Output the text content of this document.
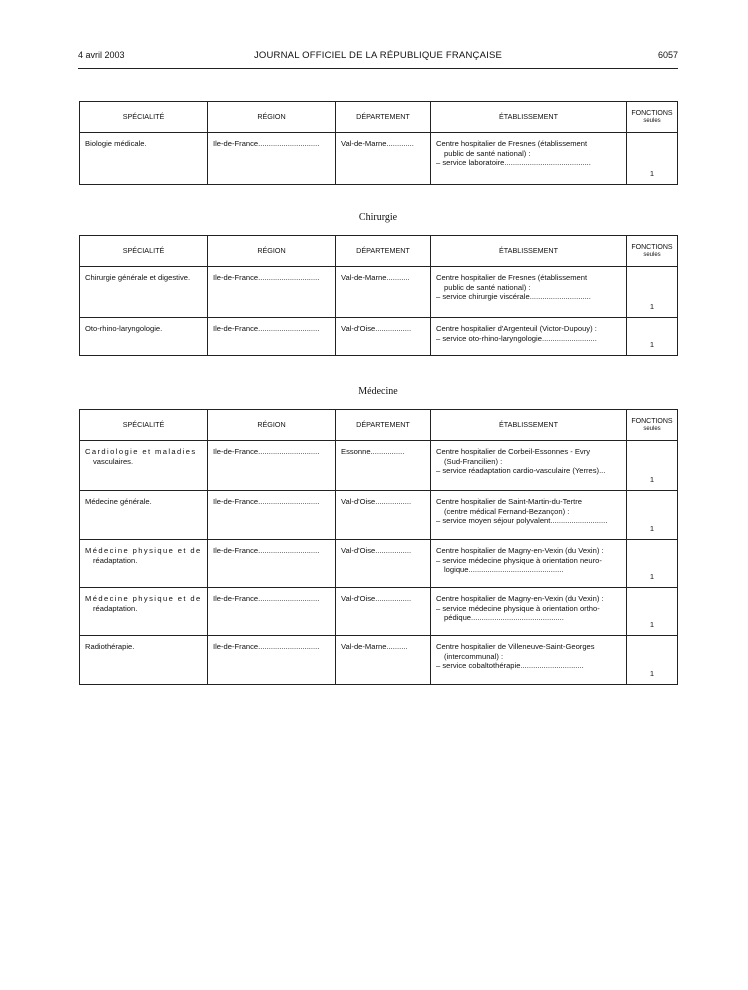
4 avril 2003	JOURNAL OFFICIEL DE LA RÉPUBLIQUE FRANÇAISE	6057
SPÉCIALITÉ	RÉGION	DÉPARTEMENT	ÉTABLISSEMENT	FONCTIONS
seules

Biologie médicale.	Ile-de-France.............................	Val-de-Marne.............	Centre hospitalier de Fresnes (établissement
public de santé national) :
– service laboratoire.........................................	1
Chirurgie
SPÉCIALITÉ	RÉGION	DÉPARTEMENT	ÉTABLISSEMENT	FONCTIONS
seules

Chirurgie générale et digestive.	Ile-de-France.............................	Val-de-Marne...........	Centre hospitalier de Fresnes (établissement
public de santé national) :
– service chirurgie viscérale.............................	1
Oto-rhino-laryngologie.	Ile-de-France.............................	Val-d'Oise.................	Centre hospitalier d'Argenteuil (Victor-Dupouy) :
– service oto-rhino-laryngologie..........................	1
Médecine
SPÉCIALITÉ	RÉGION	DÉPARTEMENT	ÉTABLISSEMENT	FONCTIONS
seules

Cardiologie et maladies
vasculaires.	Ile-de-France.............................	Essonne................	Centre hospitalier de Corbeil-Essonnes - Evry
(Sud-Francilien) :
– service réadaptation cardio-vasculaire (Yerres)...	1
Médecine générale.	Ile-de-France.............................	Val-d'Oise.................	Centre hospitalier de Saint-Martin-du-Tertre
(centre médical Fernand-Bezançon) :
– service moyen séjour polyvalent...........................	1
Médecine physique et de
réadaptation.	Ile-de-France.............................	Val-d'Oise.................	Centre hospitalier de Magny-en-Vexin (du Vexin) :
– service médecine physique à orientation neuro-
logique.............................................	1
Médecine physique et de
réadaptation.	Ile-de-France.............................	Val-d'Oise.................	Centre hospitalier de Magny-en-Vexin (du Vexin) :
– service médecine physique à orientation ortho-
pédique............................................	1
Radiothérapie.	Ile-de-France.............................	Val-de-Marne..........	Centre hospitalier de Villeneuve-Saint-Georges
(intercommunal) :
– service cobaltothérapie..............................	1
